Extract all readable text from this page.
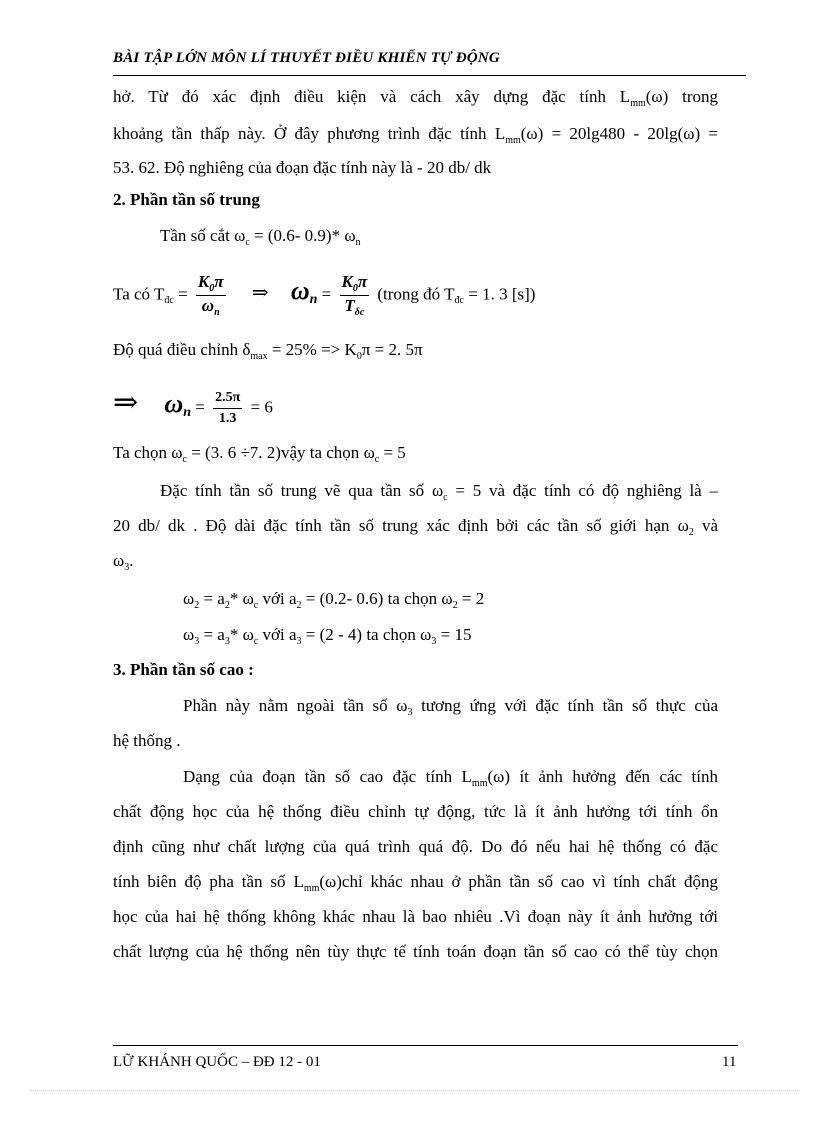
BÀI TẬP LỚN MÔN LÍ THUYẾT ĐIỀU KHIỂN TỰ ĐỘNG
hở. Từ đó xác định điều kiện và cách xây dựng đặc tính $L_{mm}(\omega)$ trong
khoảng tần thấp này. Ở đây phương trình đặc tính $L_{mm}(\omega) = 20\lg 480 - 20\lg(\omega)$ =
53. 62. Độ nghiêng của đoạn đặc tính này là - 20 db/ dk
2. Phần tần số trung
Tần số cắt $\omega_c = (0.6-$ 0.9)* $\omega_n$
Ta có $T_{đc} = \frac{K_0\pi}{\omega_n}$ ⇒ $\omega n = \frac{K_0\pi}{T_{\delta c}}$ (trong đó $T_{đc} = 1$. 3 [s])
Độ quá điều chỉnh $\delta_{max} = 25\% => K_0\pi = 2$. 5π
⇒ $\omega n = \frac{2.5\pi}{1.3} = 6$
Ta chọn $\omega_c = (3$. 6 ÷7. 2)vậy ta chọn $\omega_c = 5$
Đặc tính tần số trung vẽ qua tần số $\omega_c = 5$ và đặc tính có độ nghiêng là –
20 db/ dk . Độ dài đặc tính tần số trung xác định bởi các tần số giới hạn $\omega_2$ và
$\omega_3$.
$\omega_2 = a_2*$ $\omega_c$ với $a_2 = (0.2-$ 0.6) ta chọn $\omega_2 = 2$
$\omega_3 = a_3*$ $\omega_c$ với $a_3 = (2 - 4)$ ta chọn $\omega_3 = 15$
3. Phần tần số cao :
Phần này nằm ngoài tần số $\omega_3$ tương ứng với đặc tính tần số thực của
hệ thống .
Dạng của đoạn tần số cao đặc tính $L_{mm}(\omega)$ ít ảnh hưởng đến các tính
chất động học của hệ thống điều chỉnh tự động, tức là ít ảnh hưởng tới tính ổn
định cũng như chất lượng của quá trình quá độ. Do đó nếu hai hệ thống có đặc
tính biên độ pha tần số $L_{mm}(\omega)chỉ$ khác nhau ở phần tần số cao vì tính chất động
học của hai hệ thống không khác nhau là bao nhiêu .Vì đoạn này ít ảnh hưởng tới
chất lượng của hệ thống nên tùy thực tế tính toán đoạn tần số cao có thể tùy chọn
LỮ KHÁNH QUỐC – ĐĐ 12 - 01	11
